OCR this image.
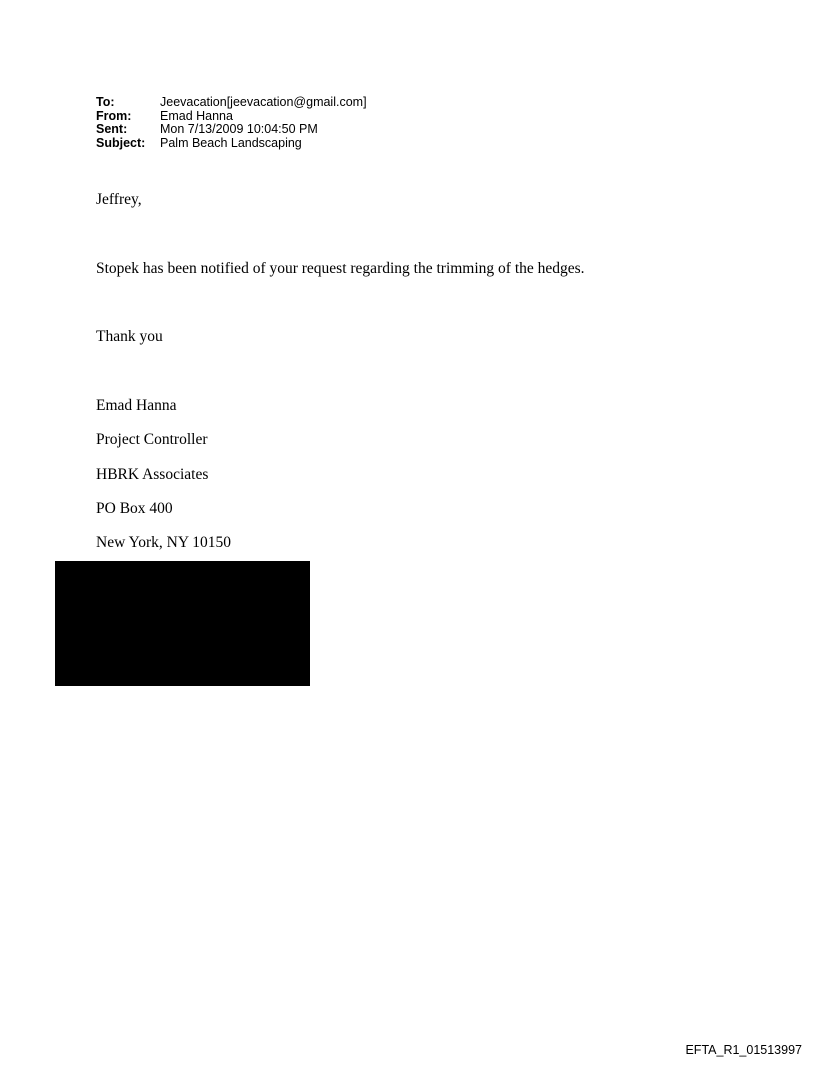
To:	Jeevacation[jeevacation@gmail.com]
From:	Emad Hanna
Sent:	Mon 7/13/2009 10:04:50 PM
Subject:	Palm Beach Landscaping
Jeffrey,
Stopek has been notified of your request regarding the trimming of the hedges.
Thank you
Emad Hanna
Project Controller
HBRK Associates
PO Box 400
New York, NY 10150
EFTA_R1_01513997
